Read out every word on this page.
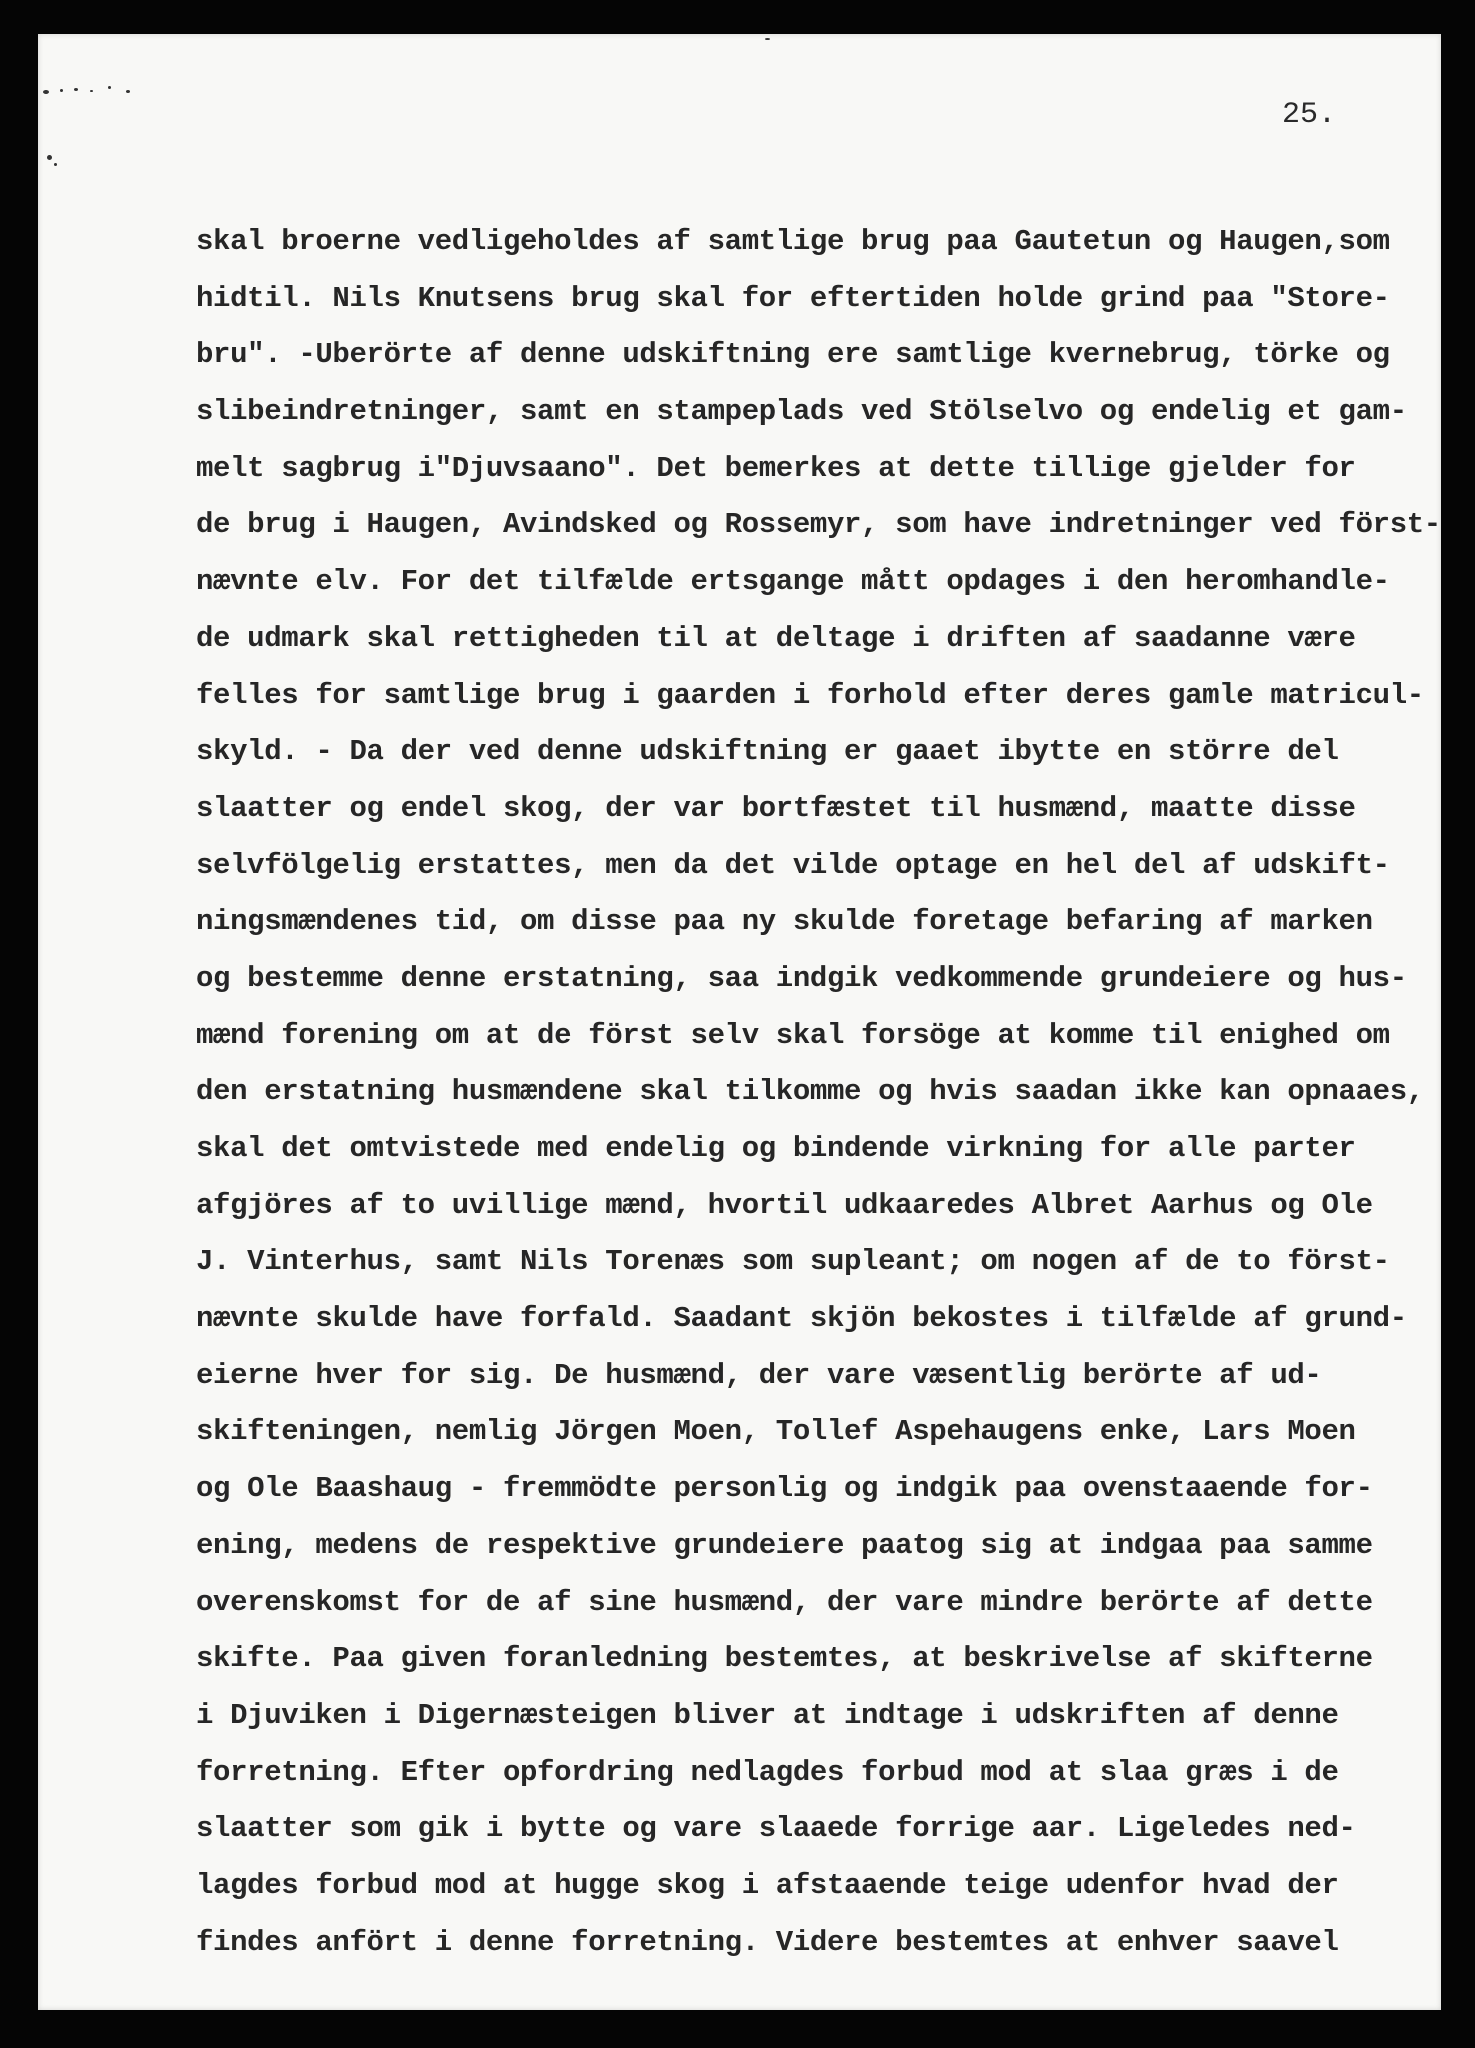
25.
skal broerne vedligeholdes af samtlige brug paa Gautetun og Haugen,som
hidtil. Nils Knutsens brug skal for eftertiden holde grind paa "Store-
bru". -Uberörte af denne udskiftning ere samtlige kvernebrug, törke og
slibeindretninger, samt en stampeplads ved Stölselvo og endelig et gam-
melt sagbrug i"Djuvsaano". Det bemerkes at dette tillige gjelder for
de brug i Haugen, Avindsked og Rossemyr, som have indretninger ved först-
nævnte elv. For det tilfælde ertsgange mått opdages i den heromhandle-
de udmark skal rettigheden til at deltage i driften af saadanne være
felles for samtlige brug i gaarden i forhold efter deres gamle matricul-
skyld. - Da der ved denne udskiftning er gaaet ibytte en större del
slaatter og endel skog, der var bortfæstet til husmænd, maatte disse
selvfölgelig erstattes, men da det vilde optage en hel del af udskift-
ningsmændenes tid, om disse paa ny skulde foretage befaring af marken
og bestemme denne erstatning, saa indgik vedkommende grundeiere og hus-
mænd forening om at de först selv skal forsöge at komme til enighed om
den erstatning husmændene skal tilkomme og hvis saadan ikke kan opnaaes,
skal det omtvistede med endelig og bindende virkning for alle parter
afgjöres af to uvillige mænd, hvortil udkaaredes Albret Aarhus og Ole
J. Vinterhus, samt Nils Torenæs som supleant; om nogen af de to först-
nævnte skulde have forfald. Saadant skjön bekostes i tilfælde af grund-
eierne hver for sig. De husmænd, der vare væsentlig berörte af ud-
skifteningen, nemlig Jörgen Moen, Tollef Aspehaugens enke, Lars Moen
og Ole Baashaug - fremmödte personlig og indgik paa ovenstaaende for-
ening, medens de respektive grundeiere paatog sig at indgaa paa samme
overenskomst for de af sine husmænd, der vare mindre berörte af dette
skifte. Paa given foranledning bestemtes, at beskrivelse af skifterne
i Djuviken i Digernæsteigen bliver at indtage i udskriften af denne
forretning. Efter opfordring nedlagdes forbud mod at slaa græs i de
slaatter som gik i bytte og vare slaaede forrige aar. Ligeledes ned-
lagdes forbud mod at hugge skog i afstaaende teige udenfor hvad der
findes anfört i denne forretning. Videre bestemtes at enhver saavel
